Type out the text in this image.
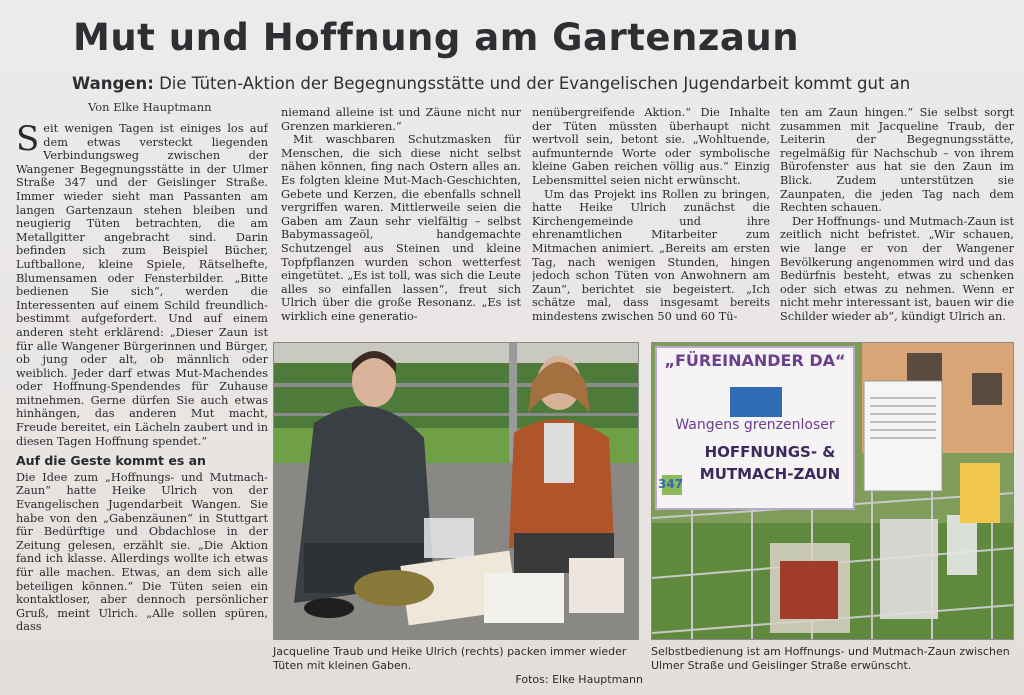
Mut und Hoffnung am Gartenzaun
Wangen: Die Tüten-Aktion der Begegnungsstätte und der Evangelischen Jugendarbeit kommt gut an
Von Elke Hauptmann

Seit wenigen Tagen ist einiges los auf dem etwas versteckt liegenden Verbindungsweg zwischen der Wangener Begegnungsstätte in der Ulmer Straße 347 und der Geislinger Straße. Immer wieder sieht man Passanten am langen Gartenzaun stehen bleiben und neugierig Tüten betrachten, die am Metallgitter angebracht sind. Darin befinden sich zum Beispiel Bücher, Luftballone, kleine Spiele, Rätselhefte, Blumensamen oder Fensterbilder. „Bitte bedienen Sie sich“, werden die Interessenten auf einem Schild freundlich-bestimmt aufgefordert. Und auf einem anderen steht erklärend: „Dieser Zaun ist für alle Wangener Bürgerinnen und Bürger, ob jung oder alt, ob männlich oder weiblich. Jeder darf etwas Mut-Machendes oder Hoffnung-Spendendes für Zuhause mitnehmen. Gerne dürfen Sie auch etwas hinhängen, das anderen Mut macht, Freude bereitet, ein Lächeln zaubert und in diesen Tagen Hoffnung spendet.“

Auf die Geste kommt es an

Die Idee zum „Hoffnungs- und Mutmach-Zaun“ hatte Heike Ulrich von der Evangelischen Jugendarbeit Wangen. Sie habe von den „Gabenzäunen“ in Stuttgart für Bedürftige und Obdachlose in der Zeitung gelesen, erzählt sie. „Die Aktion fand ich klasse. Allerdings wollte ich etwas für alle machen. Etwas, an dem sich alle beteiligen können.“ Die Tüten seien ein kontaktloser, aber dennoch persönlicher Gruß, meint Ulrich. „Alle sollen spüren, dass

niemand alleine ist und Zäune nicht nur Grenzen markieren.“

Mit waschbaren Schutzmasken für Menschen, die sich diese nicht selbst nähen können, fing nach Ostern alles an. Es folgten kleine Mut-Mach-Geschichten, Gebete und Kerzen, die ebenfalls schnell vergriffen waren. Mittlerweile seien die Gaben am Zaun sehr vielfältig – selbst Babymassageöl, handgemachte Schutzengel aus Steinen und kleine Topfpflanzen wurden schon wetterfest eingetütet. „Es ist toll, was sich die Leute alles so einfallen lassen“, freut sich Ulrich über die große Resonanz. „Es ist wirklich eine generatio-

nenübergreifende Aktion.“ Die Inhalte der Tüten müssten überhaupt nicht wertvoll sein, betont sie. „Wohltuende, aufmunternde Worte oder symbolische kleine Gaben reichen völlig aus.“ Einzig Lebensmittel seien nicht erwünscht.

Um das Projekt ins Rollen zu bringen, hatte Heike Ulrich zunächst die Kirchengemeinde und ihre ehrenamtlichen Mitarbeiter zum Mitmachen animiert. „Bereits am ersten Tag, nach wenigen Stunden, hingen jedoch schon Tüten von Anwohnern am Zaun“, berichtet sie begeistert. „Ich schätze mal, dass insgesamt bereits mindestens zwischen 50 und 60 Tü-

ten am Zaun hingen.“ Sie selbst sorgt zusammen mit Jacqueline Traub, der Leiterin der Begegnungsstätte, regelmäßig für Nachschub – von ihrem Bürofenster aus hat sie den Zaun im Blick. Zudem unterstützen sie Zaunpaten, die jeden Tag nach dem Rechten schauen.

Der Hoffnungs- und Mutmach-Zaun ist zeitlich nicht befristet. „Wir schauen, wie lange er von der Wangener Bevölkerung angenommen wird und das Bedürfnis besteht, etwas zu schenken oder sich etwas zu nehmen. Wenn er nicht mehr interessant ist, bauen wir die Schilder wieder ab“, kündigt Ulrich an.

„FÜREINANDER DA“
Wangens grenzenloser
HOFFNUNGS- &
MUTMACH-ZAUN
347
Jacqueline Traub und Heike Ulrich (rechts) packen immer wieder Tüten mit kleinen Gaben.
Fotos: Elke Hauptmann
Selbstbedienung ist am Hoffnungs- und Mutmach-Zaun zwischen Ulmer Straße und Geislinger Straße erwünscht.
